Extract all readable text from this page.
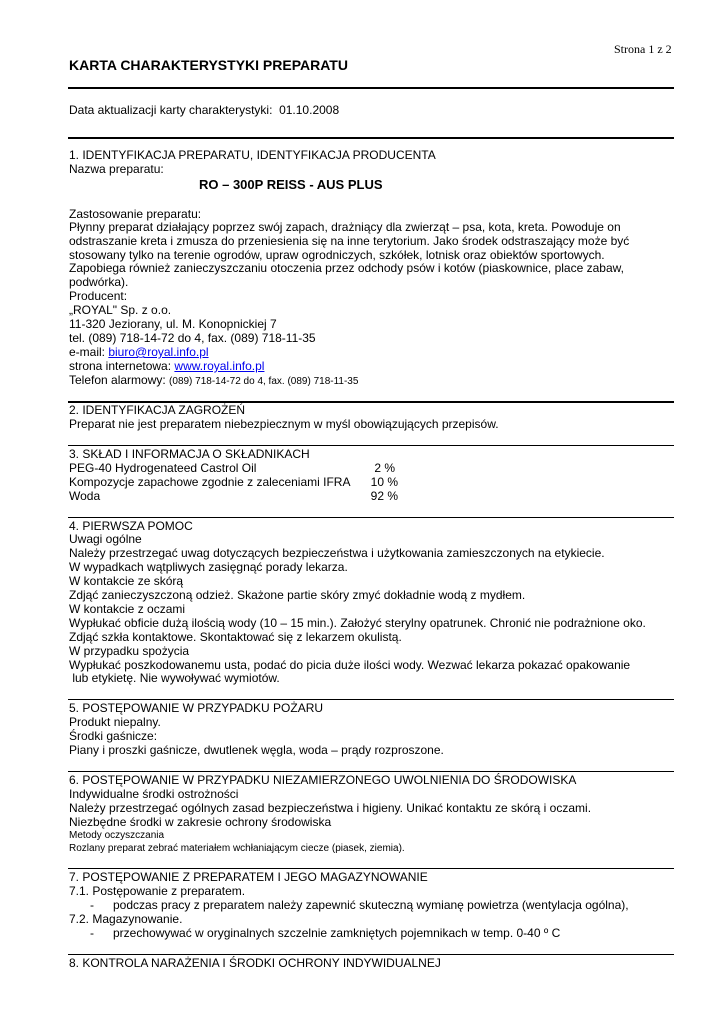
Strona 1 z 2
KARTA CHARAKTERYSTYKI PREPARATU
Data aktualizacji karty charakterystyki: 01.10.2008
1. IDENTYFIKACJA PREPARATU, IDENTYFIKACJA PRODUCENTA
Nazwa preparatu:
RO – 300P REISS - AUS PLUS
Zastosowanie preparatu:
Płynny preparat działający poprzez swój zapach, drażniący dla zwierząt – psa, kota, kreta. Powoduje on
odstraszanie kreta i zmusza do przeniesienia się na inne terytorium. Jako środek odstraszający może być
stosowany tylko na terenie ogrodów, upraw ogrodniczych, szkółek, lotnisk oraz obiektów sportowych.
Zapobiega również zanieczyszczaniu otoczenia przez odchody psów i kotów (piaskownice, place zabaw,
podwórka).
Producent:
„ROYAL" Sp. z o.o.
11-320 Jeziorany, ul. M. Konopnickiej 7
tel. (089) 718-14-72 do 4, fax. (089) 718-11-35
e-mail: biuro@royal.info.pl
strona internetowa: www.royal.info.pl
Telefon alarmowy: (089) 718-14-72 do 4, fax. (089) 718-11-35
2. IDENTYFIKACJA ZAGROŻEŃ
Preparat nie jest preparatem niebezpiecznym w myśl obowiązujących przepisów.
3. SKŁAD I INFORMACJA O SKŁADNIKACH
PEG-40 Hydrogenateed Castrol Oil	2 %
Kompozycje zapachowe zgodnie z zaleceniami IFRA	10 %
Woda	92 %
4. PIERWSZA POMOC
Uwagi ogólne
Należy przestrzegać uwag dotyczących bezpieczeństwa i użytkowania zamieszczonych na etykiecie.
W wypadkach wątpliwych zasięgnąć porady lekarza.
W kontakcie ze skórą
Zdjąć zanieczyszczoną odzież. Skażone partie skóry zmyć dokładnie wodą z mydłem.
W kontakcie z oczami
Wypłukać obficie dużą ilością wody (10 – 15 min.). Założyć sterylny opatrunek. Chronić nie podrażnione oko.
Zdjąć szkła kontaktowe. Skontaktować się z lekarzem okulistą.
W przypadku spożycia
Wypłukać poszkodowanemu usta, podać do picia duże ilości wody. Wezwać lekarza pokazać opakowanie
lub etykietę. Nie wywoływać wymiotów.
5. POSTĘPOWANIE W PRZYPADKU POŻARU
Produkt niepalny.
Środki gaśnicze:
Piany i proszki gaśnicze, dwutlenek węgla, woda – prądy rozproszone.
6. POSTĘPOWANIE W PRZYPADKU NIEZAMIERZONEGO UWOLNIENIA DO ŚRODOWISKA
Indywidualne środki ostrożności
Należy przestrzegać ogólnych zasad bezpieczeństwa i higieny. Unikać kontaktu ze skórą i oczami.
Niezbędne środki w zakresie ochrony środowiska
Metody oczyszczania
Rozlany preparat zebrać materiałem wchłaniającym ciecze (piasek, ziemia).
7. POSTĘPOWANIE Z PREPARATEM I JEGO MAGAZYNOWANIE
7.1. Postępowanie z preparatem.
- podczas pracy z preparatem należy zapewnić skuteczną wymianę powietrza (wentylacja ogólna),
7.2. Magazynowanie.
- przechowywać w oryginalnych szczelnie zamkniętych pojemnikach w temp. 0-40 º C
8. KONTROLA NARAŻENIA I ŚRODKI OCHRONY INDYWIDUALNEJ
